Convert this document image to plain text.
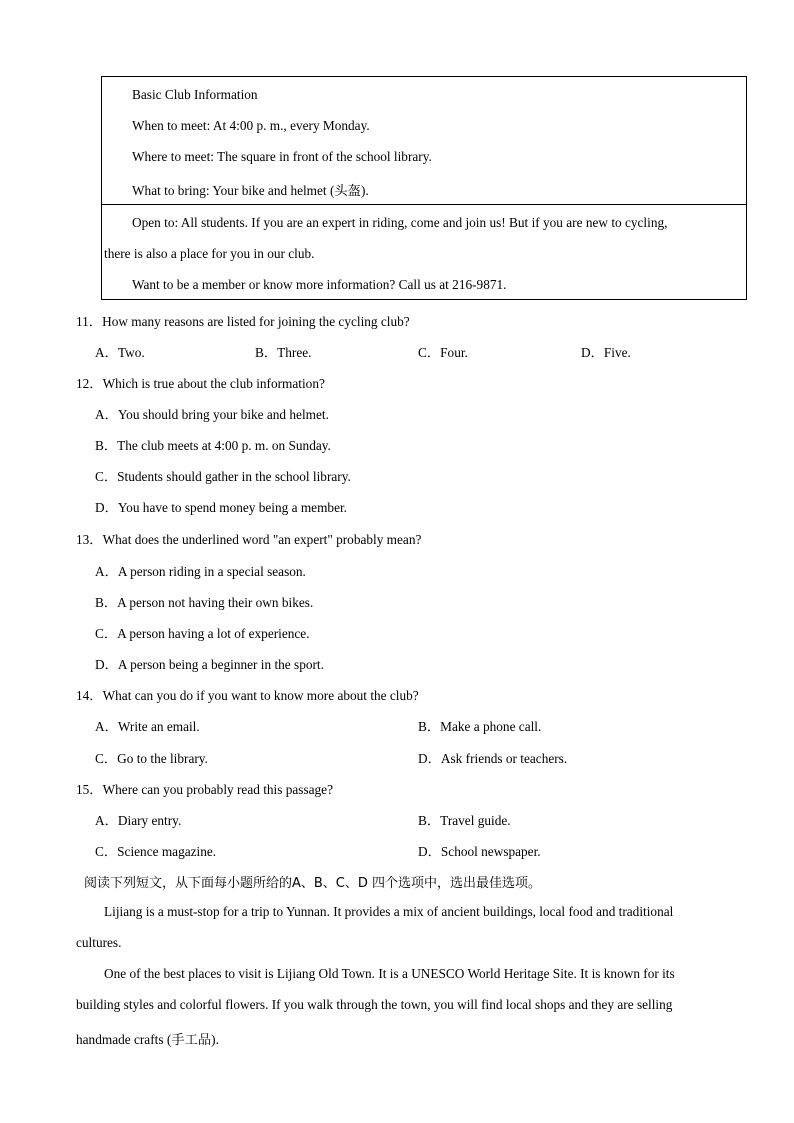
Basic Club Information
When to meet: At 4:00 p. m., every Monday.
Where to meet: The square in front of the school library.
What to bring: Your bike and helmet (头盔).
Open to: All students. If you are an expert in riding, come and join us! But if you are new to cycling,
there is also a place for you in our club.
Want to be a member or know more information? Call us at 216-9871.
11．How many reasons are listed for joining the cycling club?
A．Two.	B．Three.	C．Four.	D．Five.
12．Which is true about the club information?
A．You should bring your bike and helmet.
B．The club meets at 4:00 p. m. on Sunday.
C．Students should gather in the school library.
D．You have to spend money being a member.
13．What does the underlined word "an expert" probably mean?
A．A person riding in a special season.
B．A person not having their own bikes.
C．A person having a lot of experience.
D．A person being a beginner in the sport.
14．What can you do if you want to know more about the club?
A．Write an email.	B．Make a phone call.
C．Go to the library.	D．Ask friends or teachers.
15．Where can you probably read this passage?
A．Diary entry.	B．Travel guide.
C．Science magazine.	D．School newspaper.
阅读下列短文，从下面每小题所给的A、B、C、D 四个选项中，选出最佳选项。
Lijiang is a must-stop for a trip to Yunnan. It provides a mix of ancient buildings, local food and traditional
cultures.
One of the best places to visit is Lijiang Old Town. It is a UNESCO World Heritage Site. It is known for its
building styles and colorful flowers. If you walk through the town, you will find local shops and they are selling
handmade crafts (手工品).
